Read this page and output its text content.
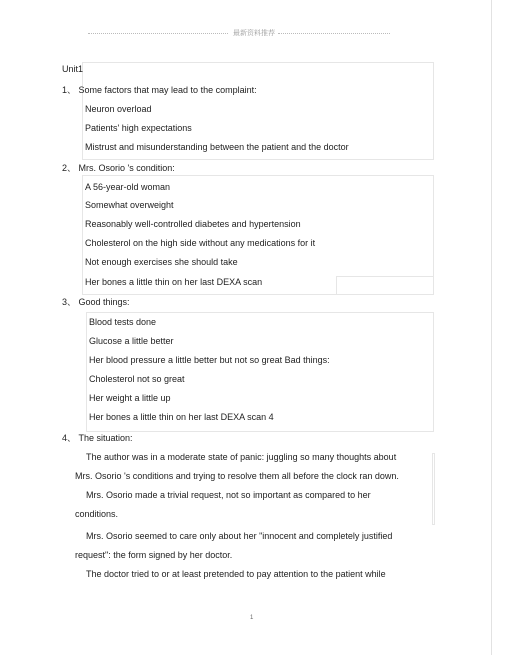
最新资料推荐
Unit1
1、 Some factors that may lead to the complaint:
Neuron overload
Patients' high expectations
Mistrust and misunderstanding between the patient and the doctor
2、 Mrs. Osorio 's condition:
A 56-year-old woman
Somewhat overweight
Reasonably well-controlled diabetes and hypertension
Cholesterol on the high side without any medications for it
Not enough exercises she should take
Her bones a little thin on her last DEXA scan
3、 Good things:
Blood tests done
Glucose a little better
Her blood pressure a little better but not so great Bad things:
Cholesterol not so great
Her weight a little up
Her bones a little thin on her last DEXA scan 4
4、 The situation:
The author was in a moderate state of panic: juggling so many thoughts about
Mrs. Osorio 's conditions and trying to resolve them all before the clock ran down.
Mrs. Osorio made a trivial request, not so important as compared to her
conditions.
Mrs. Osorio seemed to care only about her "innocent and completely justified
request": the form signed by her doctor.
The doctor tried to or at least pretended to pay attention to the patient while
1
